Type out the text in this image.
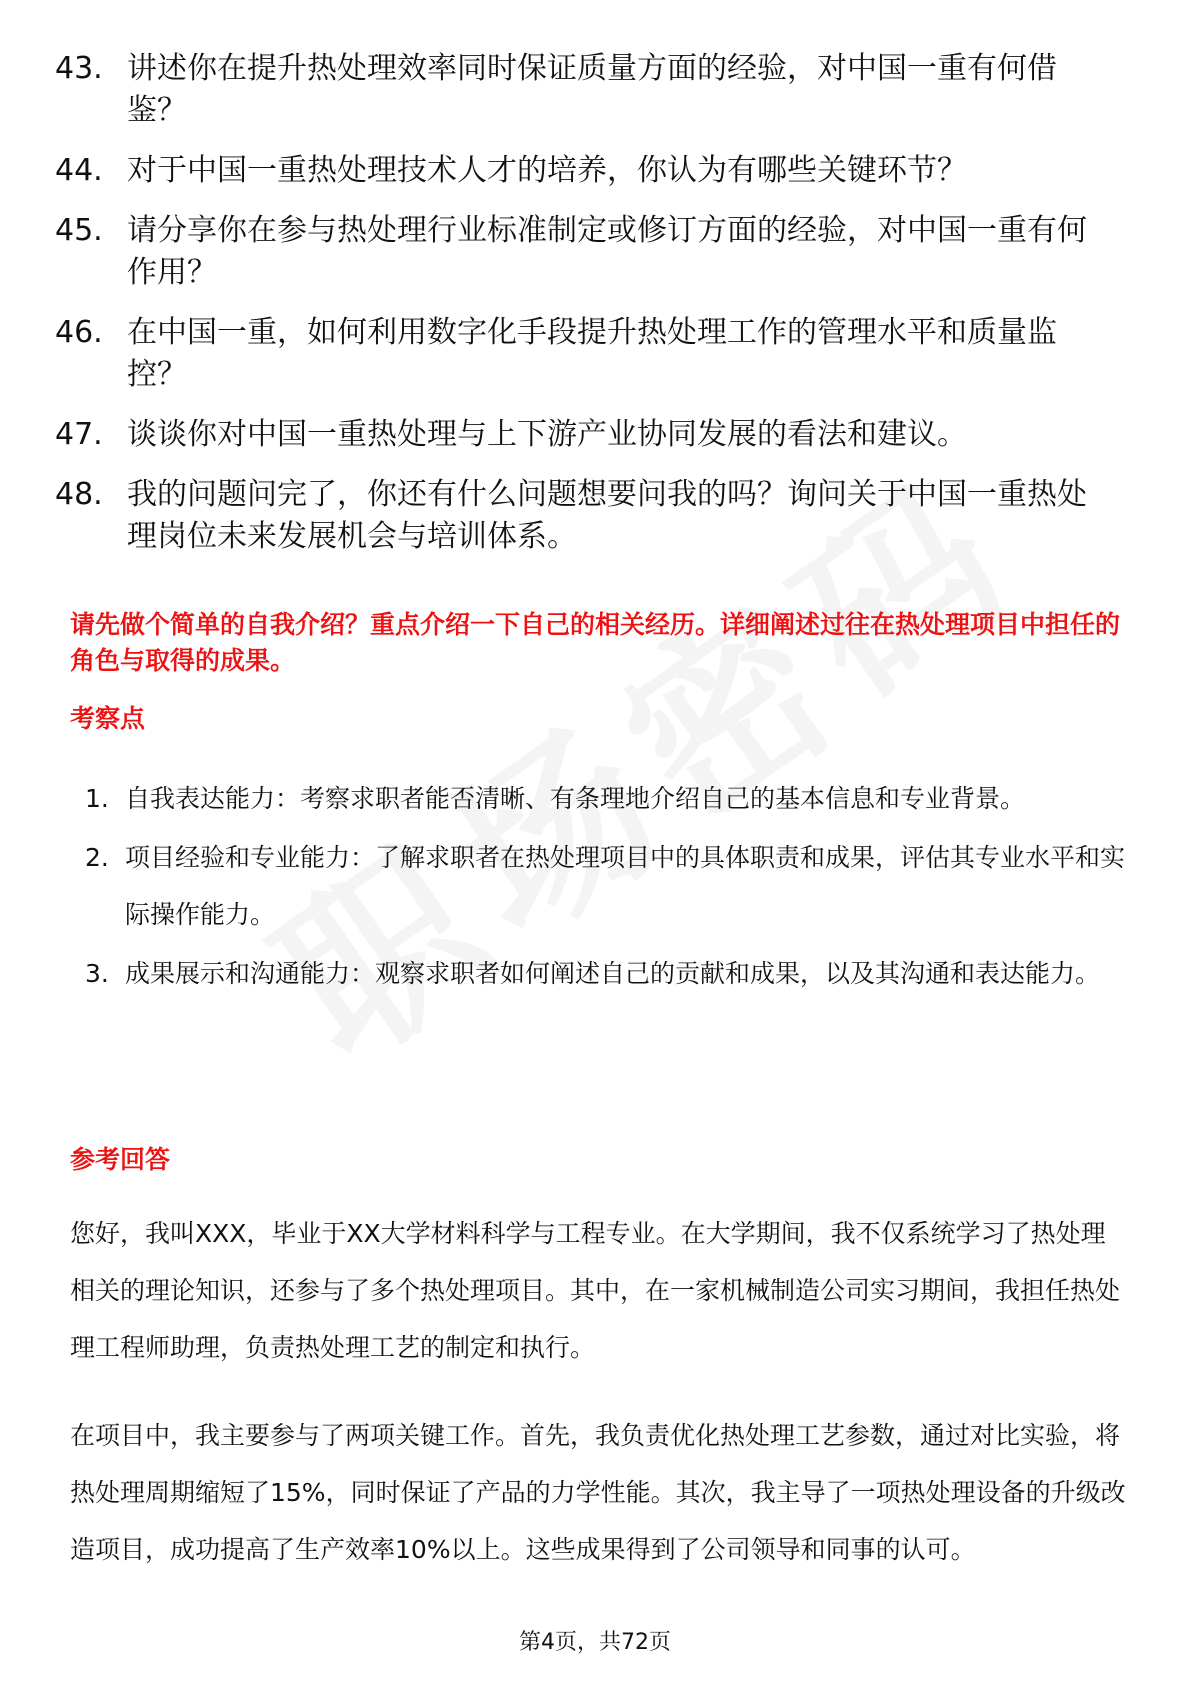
43. 讲述你在提升热处理效率同时保证质量方面的经验，对中国一重有何借鉴？
44. 对于中国一重热处理技术人才的培养，你认为有哪些关键环节？
45. 请分享你在参与热处理行业标准制定或修订方面的经验，对中国一重有何作用？
46. 在中国一重，如何利用数字化手段提升热处理工作的管理水平和质量监控？
47. 谈谈你对中国一重热处理与上下游产业协同发展的看法和建议。
48. 我的问题问完了，你还有什么问题想要问我的吗？询问关于中国一重热处理岗位未来发展机会与培训体系。
请先做个简单的自我介绍？重点介绍一下自己的相关经历。详细阐述过往在热处理项目中担任的角色与取得的成果。
考察点
1. 自我表达能力：考察求职者能否清晰、有条理地介绍自己的基本信息和专业背景。
2. 项目经验和专业能力：了解求职者在热处理项目中的具体职责和成果，评估其专业水平和实际操作能力。
3. 成果展示和沟通能力：观察求职者如何阐述自己的贡献和成果，以及其沟通和表达能力。
参考回答
您好，我叫XXX，毕业于XX大学材料科学与工程专业。在大学期间，我不仅系统学习了热处理相关的理论知识，还参与了多个热处理项目。其中，在一家机械制造公司实习期间，我担任热处理工程师助理，负责热处理工艺的制定和执行。
在项目中，我主要参与了两项关键工作。首先，我负责优化热处理工艺参数，通过对比实验，将热处理周期缩短了15%，同时保证了产品的力学性能。其次，我主导了一项热处理设备的升级改造项目，成功提高了生产效率10%以上。这些成果得到了公司领导和同事的认可。
第4页，共72页
